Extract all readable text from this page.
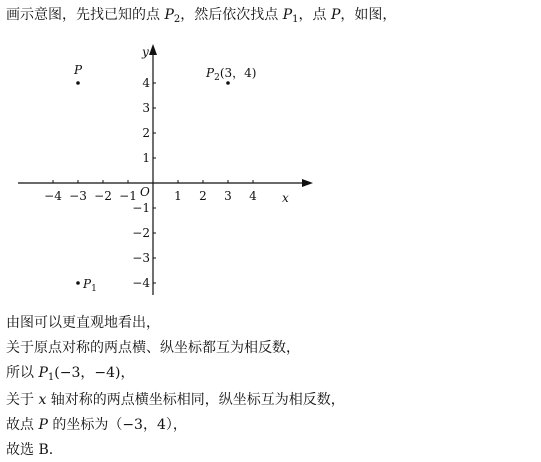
画示意图，先找已知的点 $P_2$，然后依次找点 $P_1$，点 P，如图，
x
y
O
−4 −3 −2 −1	1 2 3 4
4
3
2
1
−1
−2
−3
−4
$P_2(3$，4)
P
$P_1$
由图可以更直观地看出，
关于原点对称的两点横、纵坐标都互为相反数，
所以 $P_1(-3$，−4)，
关于 x 轴对称的两点横坐标相同，纵坐标互为相反数，
故点 P 的坐标为（−3，4），
故选 B.
